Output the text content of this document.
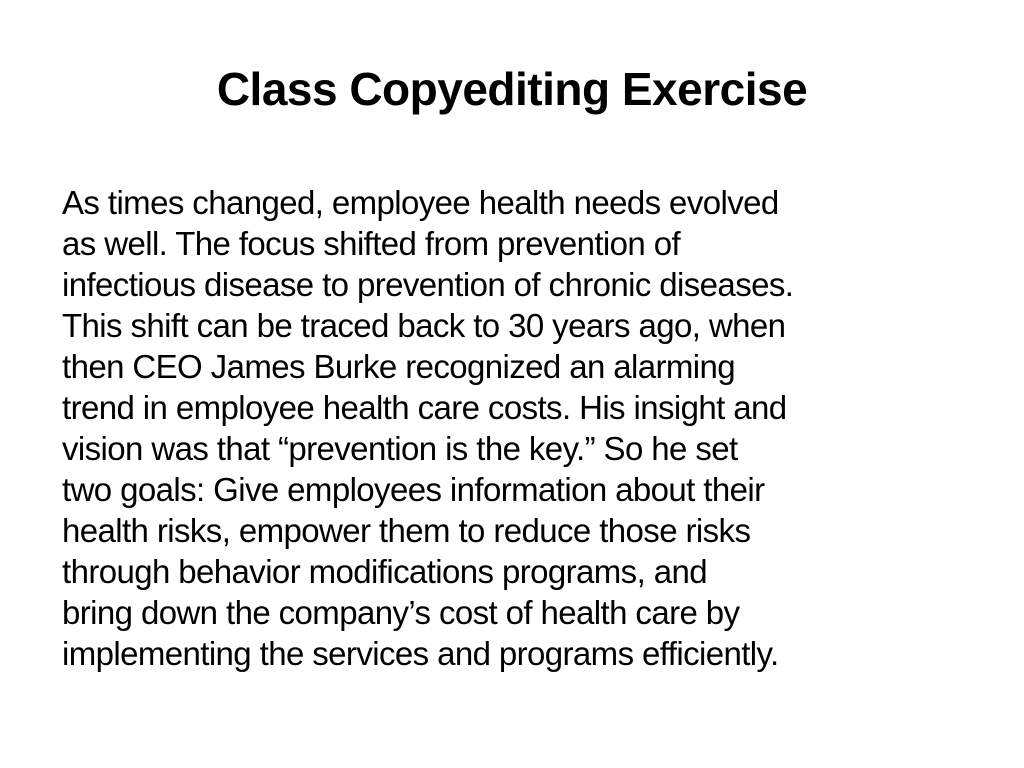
Class Copyediting Exercise
As times changed, employee health needs evolved
as well. The focus shifted from prevention of
infectious disease to prevention of chronic diseases.
This shift can be traced back to 30 years ago, when
then CEO James Burke recognized an alarming
trend in employee health care costs. His insight and
vision was that “prevention is the key.” So he set
two goals: Give employees information about their
health risks, empower them to reduce those risks
through behavior modifications programs, and
bring down the company’s cost of health care by
implementing the services and programs efficiently.
